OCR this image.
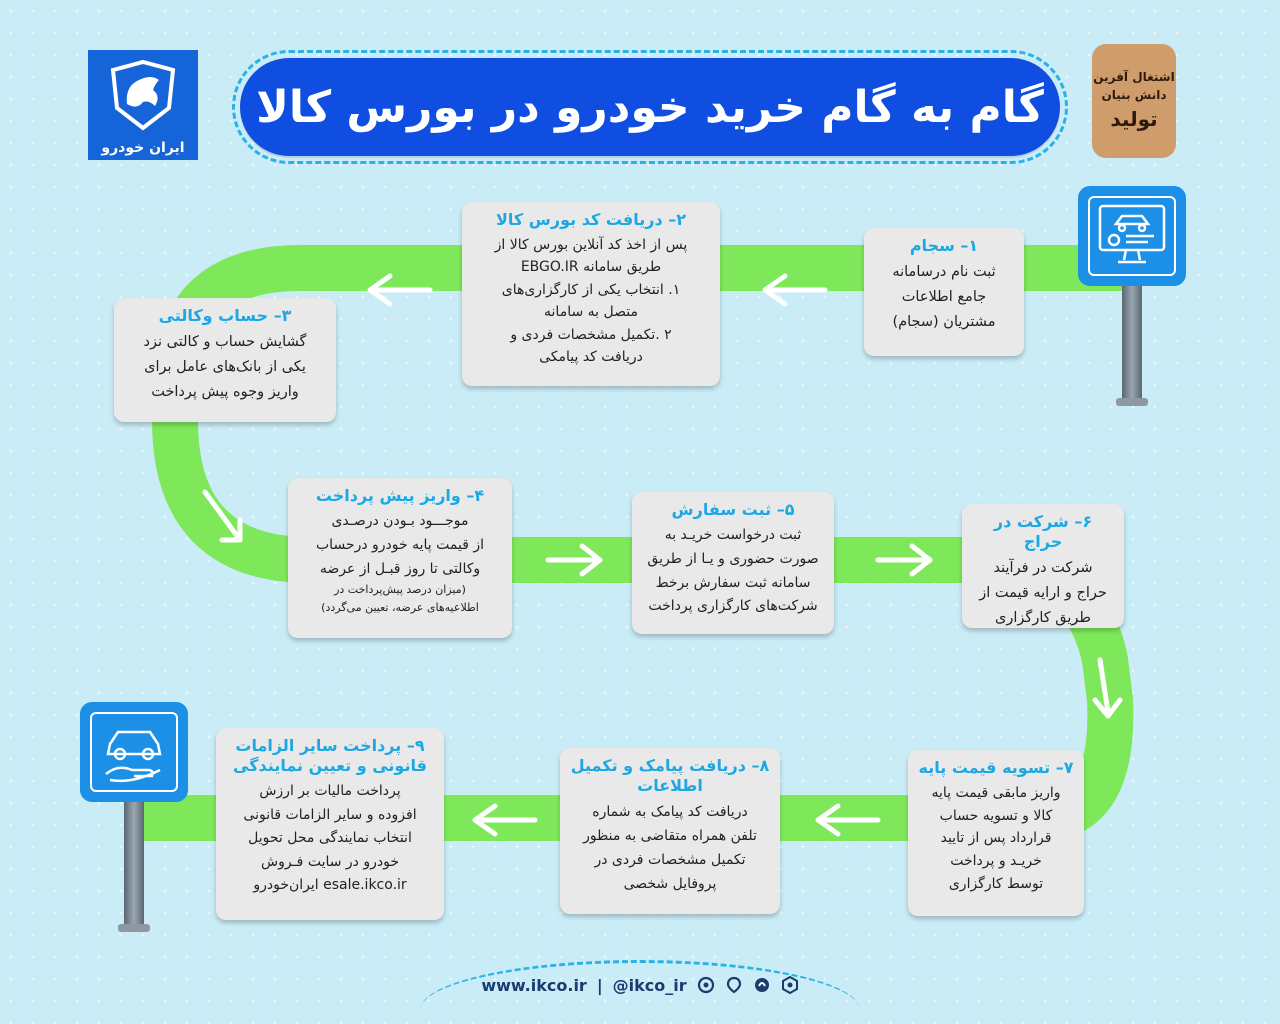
ایران خودرو
گام به گام خرید خودرو در بورس کالا
اشتغال آفرین
دانش بنیان
تولید
۱– سجام
ثبت نام درسامانه
جامع اطلاعات
مشتریان (سجام)
۲– دریافت کد بورس کالا
پس از اخذ کد آنلاین بورس کالا از
طریق سامانه EBGO.IR
۱. انتخاب یکی از کارگزاری‌های
متصل به سامانه
۲ .تکمیل مشخصات فردی و
دریافت کد پیامکی
۳– حساب وکالتی
گشایش حساب و کالتی نزد
یکی از بانک‌های عامل برای
واریز وجوه پیش پرداخت
۴– واریز پیش پرداخت
موجـــود بـودن درصـدی
از قیمت پایه خودرو درحساب
وکالتی تا روز قبـل از عرضه
(میزان درصد پیش‌پرداخت در
اطلاعیه‌های عرضه، تعیین می‌گردد)
۵– ثبت سفارش
ثبت درخواست خریـد به
صورت حضوری و یـا از طریق
سامانه ثبت سفارش برخط
شرکت‌های کارگزاری پرداخت
۶– شرکت در حراج
شرکت در فرآیند
حراج و ارایه قیمت از
طریق کارگزاری
۷– تسویه قیمت پایه
واریز مابقی قیمت پایه
کالا و تسویه حساب
قرارداد پس از تایید
خریـد و پرداخت
توسط کارگزاری
۸– دریافت پیامک و تکمیل
اطلاعات
دریافت کد پیامک به شماره
تلفن همراه متقاضی به منظور
تکمیل مشخصات فردی در
پروفایل شخصی
۹– پرداخت سایر الزامات
قانونی و تعیین نمایندگی
پرداخت مالیات بر ارزش
افزوده و سایر الزامات قانونی
انتخاب نمایندگی محل تحویل
خودرو در سایت فـروش
esale.ikco.ir ایران‌خودرو
www.ikco.ir | @ikco_ir
